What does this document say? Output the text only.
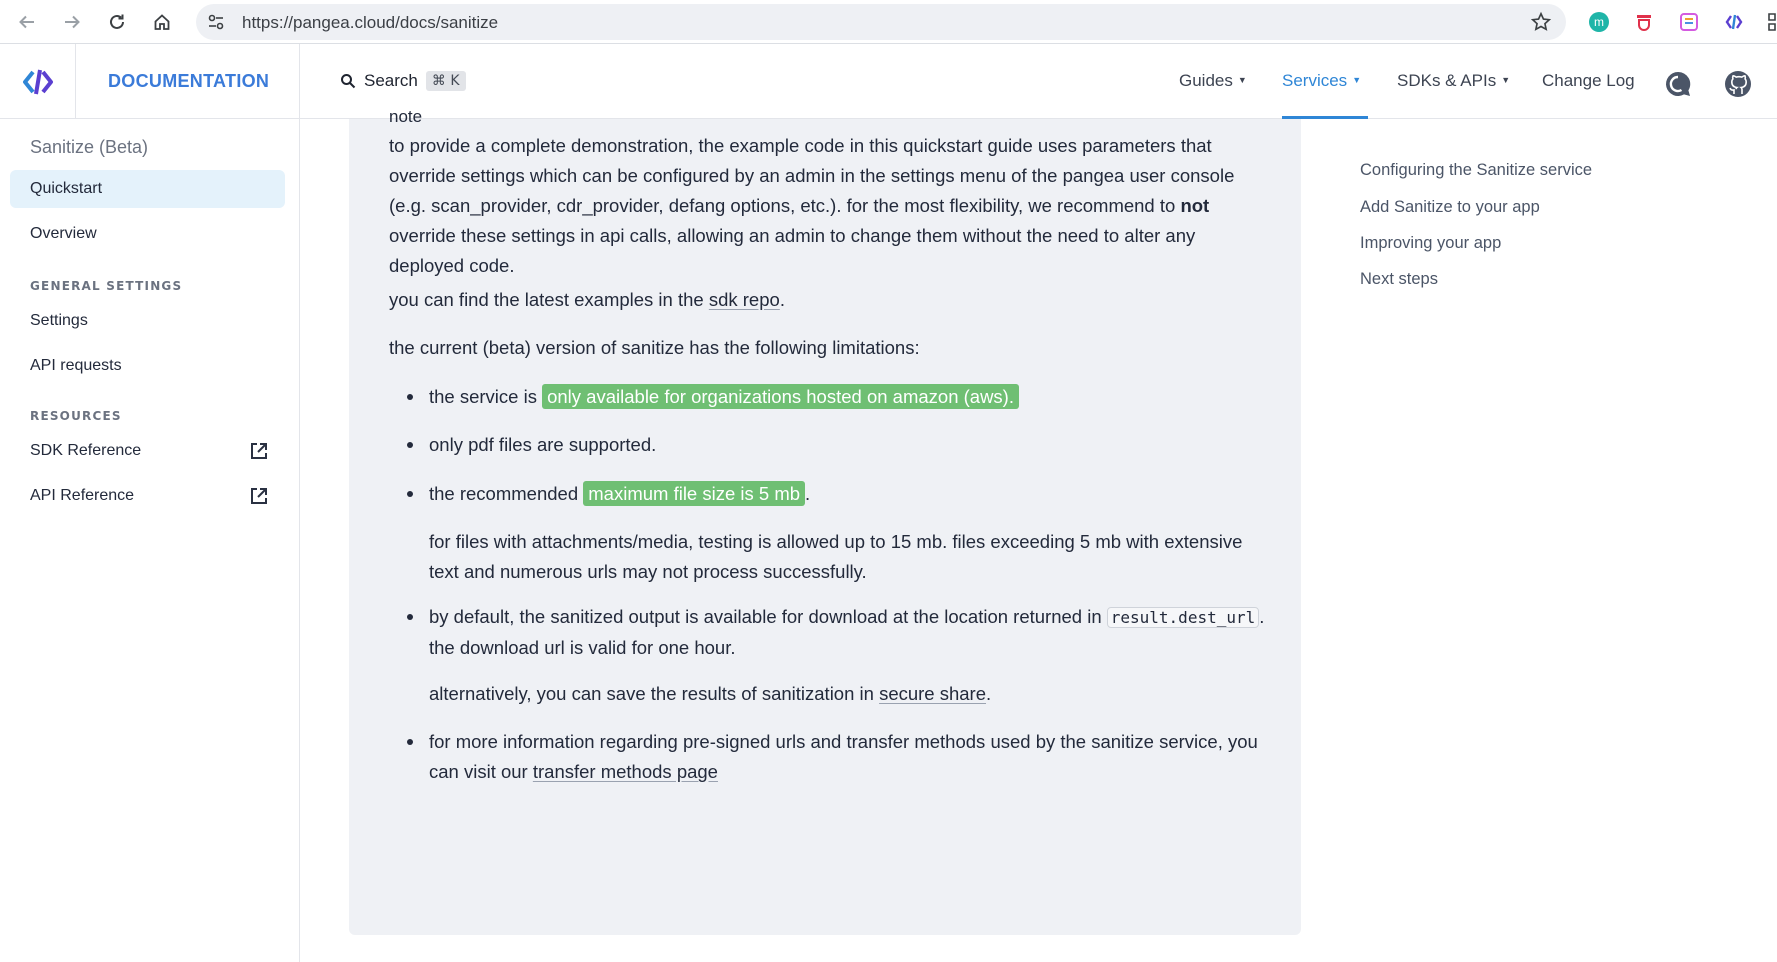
https://pangea.cloud/docs/sanitize	m
DOCUMENTATION	Search	⌘ K	Guides ▼ Services ▼ SDKs & APIs ▼ Change Log
Sanitize (Beta)
Quickstart
Overview
GENERAL SETTINGS
Settings
API requests
RESOURCES
SDK Reference
API Reference
note
to provide a complete demonstration, the example code in this quickstart guide uses parameters that override settings which can be configured by an admin in the settings menu of the pangea user console (e.g. scan_provider, cdr_provider, defang options, etc.). for the most flexibility, we recommend to not override these settings in api calls, allowing an admin to change them without the need to alter any deployed code.
you can find the latest examples in the sdk repo.
the current (beta) version of sanitize has the following limitations:
the service is only available for organizations hosted on amazon (aws).
only pdf files are supported.
the recommended maximum file size is 5 mb .
for files with attachments/media, testing is allowed up to 15 mb. files exceeding 5 mb with extensive text and numerous urls may not process successfully.
by default, the sanitized output is available for download at the location returned in result.dest_url . the download url is valid for one hour.
alternatively, you can save the results of sanitization in secure share.
for more information regarding pre-signed urls and transfer methods used by the sanitize service, you can visit our transfer methods page
Configuring the Sanitize service
Add Sanitize to your app
Improving your app
Next steps
